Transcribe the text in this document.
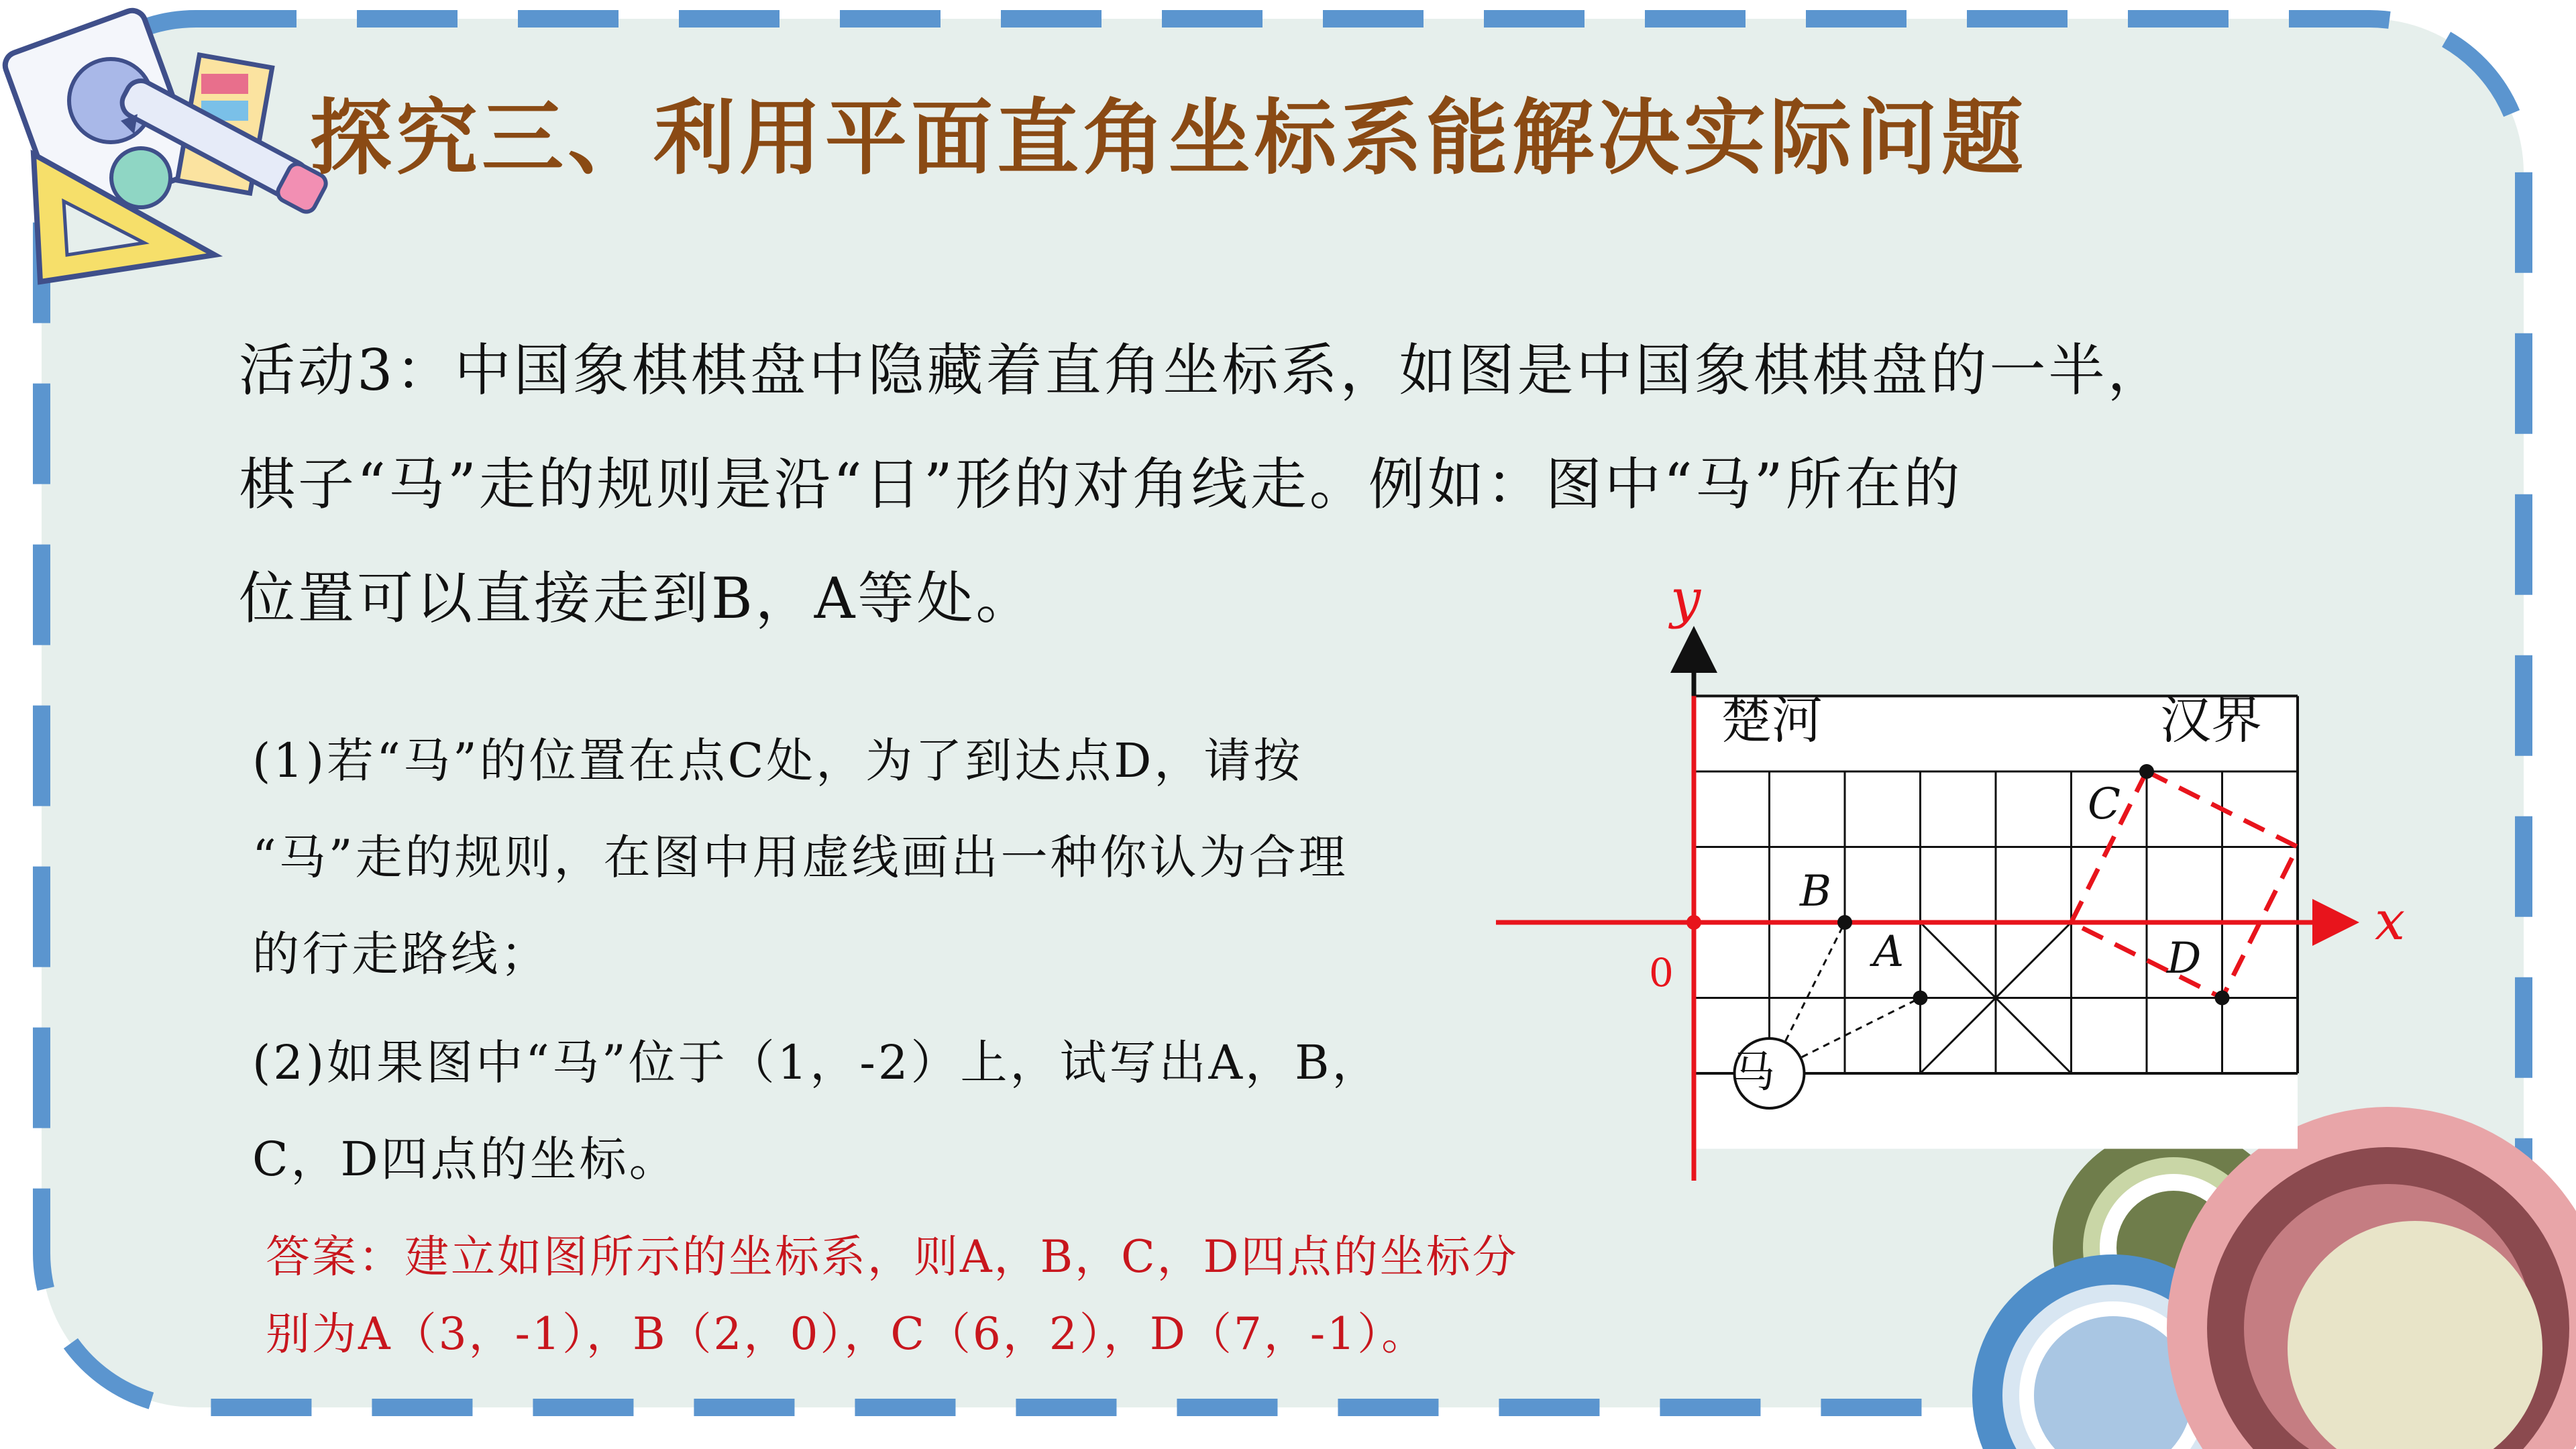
探究三、利用平面直角坐标系能解决实际问题
活动3：中国象棋棋盘中隐藏着直角坐标系，如图是中国象棋棋盘的一半，
棋子“马”走的规则是沿“日”形的对角线走。例如：图中“马”所在的
位置可以直接走到B，A等处。
(1)若“马”的位置在点C处，为了到达点D，请按
“马”走的规则，在图中用虚线画出一种你认为合理
的行走路线；
(2)如果图中“马”位于（1，-2）上，试写出A，B，
C，D四点的坐标。
答案：建立如图所示的坐标系，则A，B，C，D四点的坐标分
别为A（3，-1），B（2，0），C（6，2），D（7，-1）。
楚河	汉界
x
y
0
B
A
C
D
马
